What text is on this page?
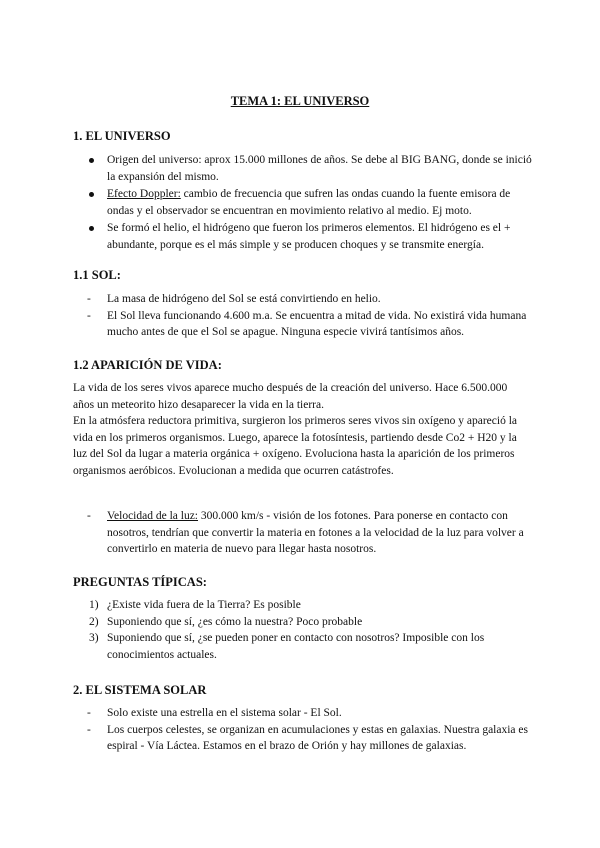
TEMA 1: EL UNIVERSO
1. EL UNIVERSO
Origen del universo: aprox 15.000 millones de años. Se debe al BIG BANG, donde se inició la expansión del mismo.
Efecto Doppler: cambio de frecuencia que sufren las ondas cuando la fuente emisora de ondas y el observador se encuentran en movimiento relativo al medio. Ej moto.
Se formó el helio, el hidrógeno que fueron los primeros elementos. El hidrógeno es el + abundante, porque es el más simple y se producen choques y se transmite energía.
1.1 SOL:
-	La masa de hidrógeno del Sol se está convirtiendo en helio.
-	El Sol lleva funcionando 4.600 m.a. Se encuentra a mitad de vida. No existirá vida humana mucho antes de que el Sol se apague. Ninguna especie vivirá tantísimos años.
1.2 APARICIÓN DE VIDA:
La vida de los seres vivos aparece mucho después de la creación del universo. Hace 6.500.000 años un meteorito hizo desaparecer la vida en la tierra.
En la atmósfera reductora primitiva, surgieron los primeros seres vivos sin oxígeno y apareció la vida en los primeros organismos. Luego, aparece la fotosíntesis, partiendo desde Co2 + H20 y la luz del Sol da lugar a materia orgánica + oxígeno. Evoluciona hasta la aparición de los primeros organismos aeróbicos. Evolucionan a medida que ocurren catástrofes.
-	Velocidad de la luz: 300.000 km/s - visión de los fotones. Para ponerse en contacto con nosotros, tendrían que convertir la materia en fotones a la velocidad de la luz para volver a convertirlo en materia de nuevo para llegar hasta nosotros.
PREGUNTAS TÍPICAS:
1) ¿Existe vida fuera de la Tierra? Es posible
2) Suponiendo que sí, ¿es cómo la nuestra? Poco probable
3) Suponiendo que sí, ¿se pueden poner en contacto con nosotros? Imposible con los conocimientos actuales.
2. EL SISTEMA SOLAR
-	Solo existe una estrella en el sistema solar - El Sol.
-	Los cuerpos celestes, se organizan en acumulaciones y estas en galaxias. Nuestra galaxia es espiral - Vía Láctea. Estamos en el brazo de Orión y hay millones de galaxias.
